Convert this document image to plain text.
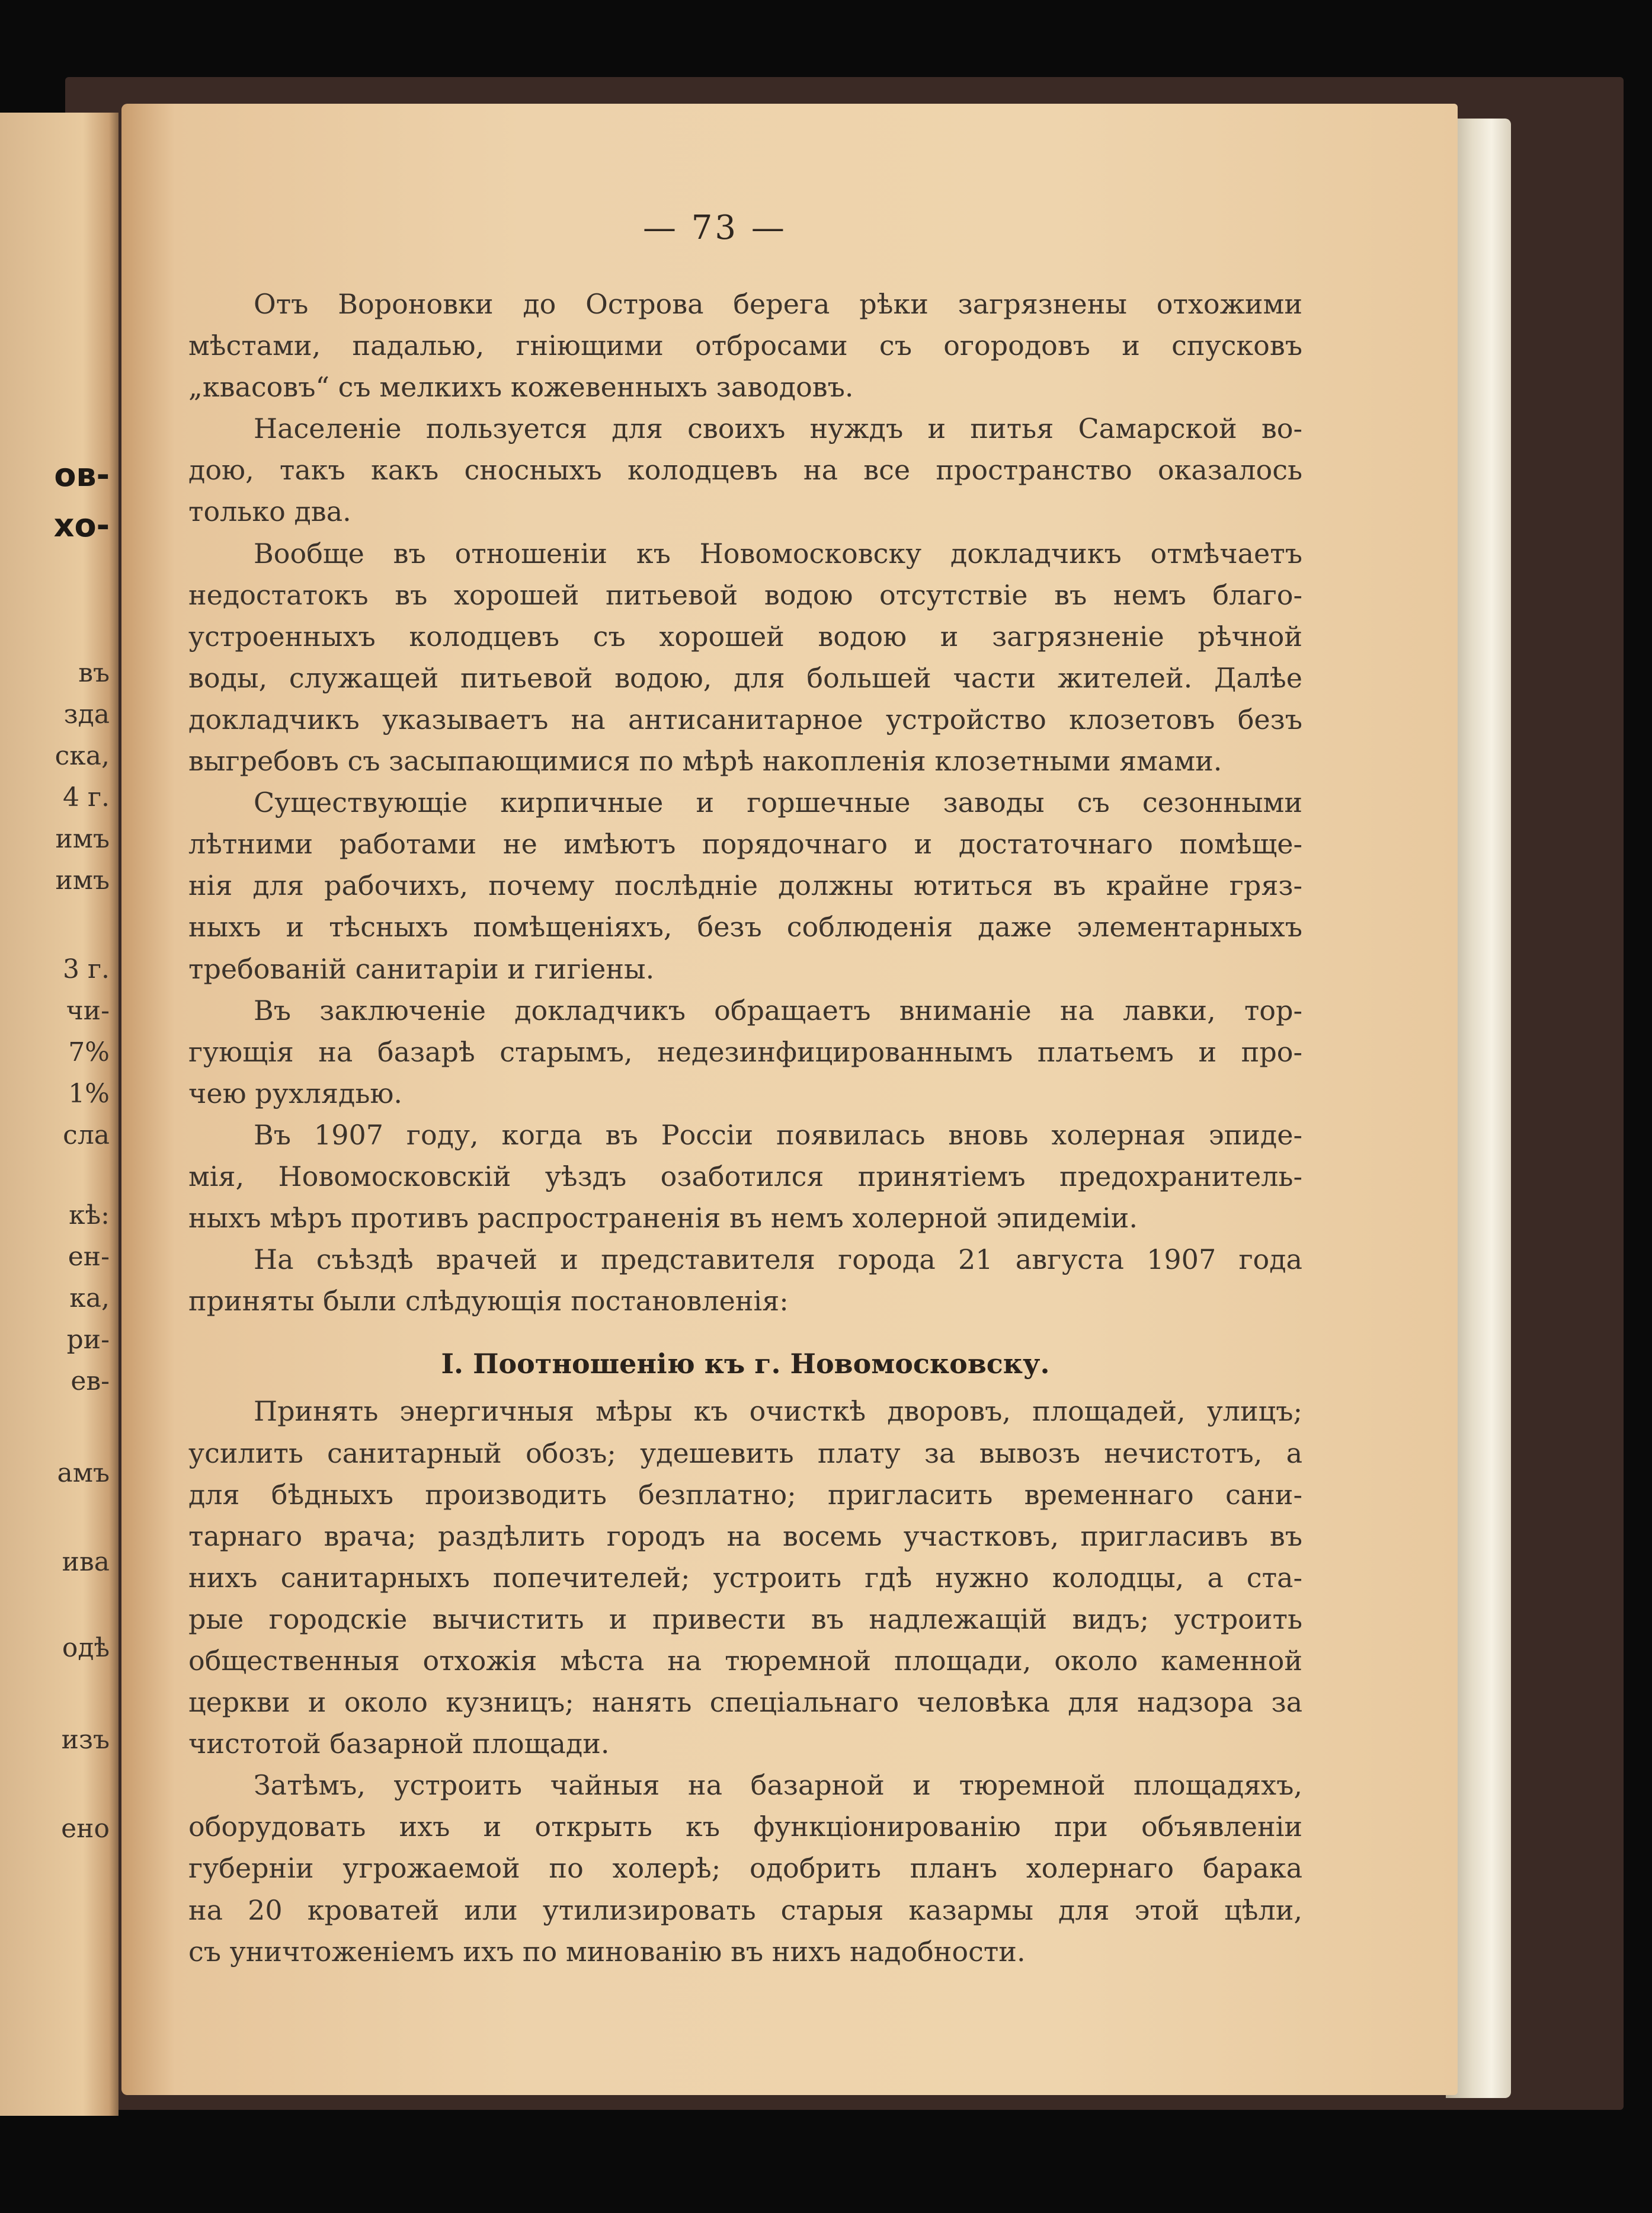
ов-
хо-
въ
зда
ска,
4 г.
имъ
имъ
3 г.
чи-
7%
1%
сла
кѣ:
ен-
ка,
ри-
ев-
амъ
ива
одѣ
изъ
ено
— 73 —
Отъ Вороновки до Острова берега рѣки загрязнены отхожими
мѣстами, падалью, гніющими отбросами съ огородовъ и спусковъ
„квасовъ“ съ мелкихъ кожевенныхъ заводовъ.
Населеніе пользуется для своихъ нуждъ и питья Самарской во-
дою, такъ какъ сносныхъ колодцевъ на все пространство оказалось
только два.
Вообще въ отношеніи къ Новомосковску докладчикъ отмѣчаетъ
недостатокъ въ хорошей питьевой водою отсутствіе въ немъ благо-
устроенныхъ колодцевъ съ хорошей водою и загрязненіе рѣчной
воды, служащей питьевой водою, для большей части жителей. Далѣе
докладчикъ указываетъ на антисанитарное устройство клозетовъ безъ
выгребовъ съ засыпающимися по мѣрѣ накопленія клозетными ямами.
Существующіе кирпичные и горшечные заводы съ сезонными
лѣтними работами не имѣютъ порядочнаго и достаточнаго помѣще-
нія для рабочихъ, почему послѣдніе должны ютиться въ крайне гряз-
ныхъ и тѣсныхъ помѣщеніяхъ, безъ соблюденія даже элементарныхъ
требованій санитаріи и гигіены.
Въ заключеніе докладчикъ обращаетъ вниманіе на лавки, тор-
гующія на базарѣ старымъ, недезинфицированнымъ платьемъ и про-
чею рухлядью.
Въ 1907 году, когда въ Россіи появилась вновь холерная эпиде-
мія, Новомосковскій уѣздъ озаботился принятіемъ предохранитель-
ныхъ мѣръ противъ распространенія въ немъ холерной эпидеміи.
На съѣздѣ врачей и представителя города 21 августа 1907 года
приняты были слѣдующія постановленія:
I. Поотношенію къ г. Новомосковску.
Принять энергичныя мѣры къ очисткѣ дворовъ, площадей, улицъ;
усилить санитарный обозъ; удешевить плату за вывозъ нечистотъ, а
для бѣдныхъ производить безплатно; пригласить временнаго сани-
тарнаго врача; раздѣлить городъ на восемь участковъ, пригласивъ въ
нихъ санитарныхъ попечителей; устроить гдѣ нужно колодцы, а ста-
рые городскіе вычистить и привести въ надлежащій видъ; устроить
общественныя отхожія мѣста на тюремной площади, около каменной
церкви и около кузницъ; нанять спеціальнаго человѣка для надзора за
чистотой базарной площади.
Затѣмъ, устроить чайныя на базарной и тюремной площадяхъ,
оборудовать ихъ и открыть къ функціонированію при объявленіи
губерніи угрожаемой по холерѣ; одобрить планъ холернаго барака
на 20 кроватей или утилизировать старыя казармы для этой цѣли,
съ уничтоженіемъ ихъ по минованію въ нихъ надобности.
